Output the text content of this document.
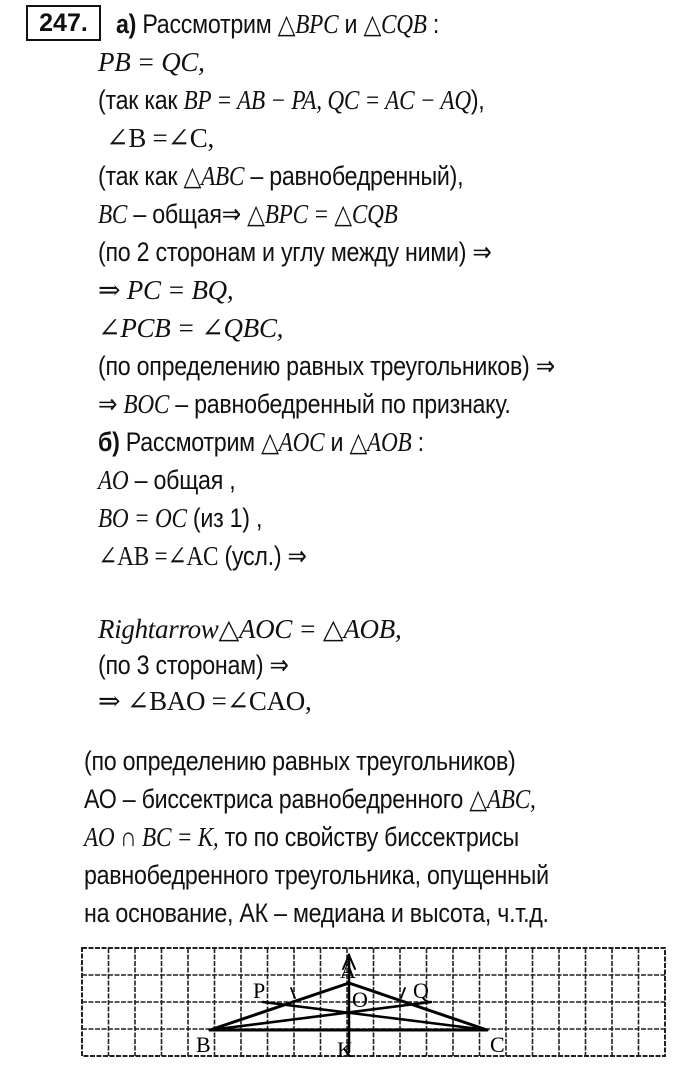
247.	а) Рассмотрим △BPC и △CQB :
PB = QC,
(так как BP = AB − PA, QC = AC − AQ),
∠B =∠C,
(так как △ABC – равнобедренный),
BC – общая⇒ △BPC = △CQB
(по 2 сторонам и углу между ними) ⇒
⇒ PC = BQ,
∠PCB = ∠QBC,
(по определению равных треугольников) ⇒
⇒ BOC – равнобедренный по признаку.
б) Рассмотрим △AOC и △AOB :
AO – общая ,
BO = OC (из 1) ,
∠AB =∠AC (усл.) ⇒
Rightarrow△AOC = △AOB,
(по 3 сторонам) ⇒
⇒ ∠BAO =∠CAO,
(по определению равных треугольников)
АО – биссектриса равнобедренного △ABC,
AO ∩ BC = K, то по свойству биссектрисы
равнобедренного треугольника, опущенный
на основание, АК – медиана и высота, ч.т.д.
A
B	C
K
P	Q
O
